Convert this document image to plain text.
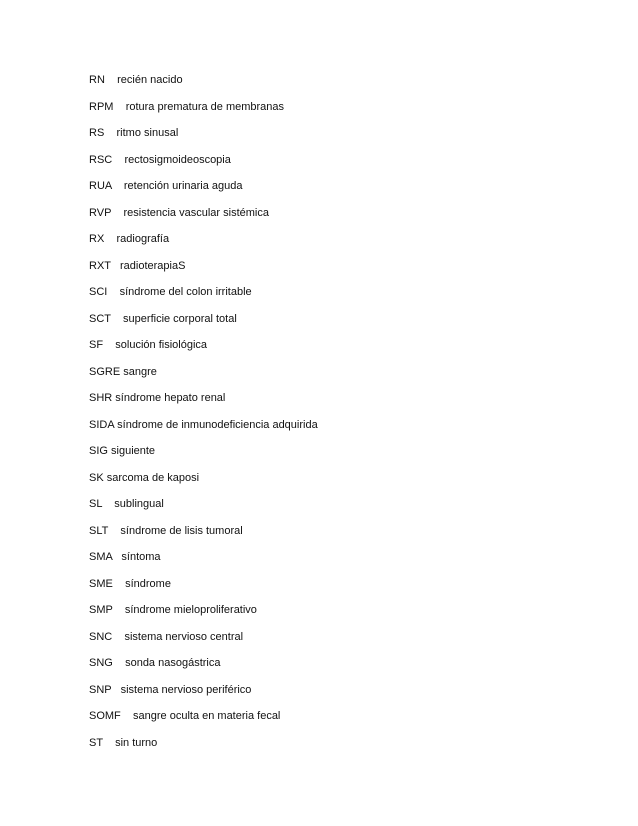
RN recién nacido
RPM rotura prematura de membranas
RS ritmo sinusal
RSC rectosigmoideoscopia
RUA retención urinaria aguda
RVP resistencia vascular sistémica
RX radiografía
RXT radioterapiaS
SCI síndrome del colon irritable
SCT superficie corporal total
SF solución fisiológica
SGRE sangre
SHR síndrome hepato renal
SIDA síndrome de inmunodeficiencia adquirida
SIG siguiente
SK sarcoma de kaposi
SL sublingual
SLT síndrome de lisis tumoral
SMA síntoma
SME síndrome
SMP síndrome mieloproliferativo
SNC sistema nervioso central
SNG sonda nasogástrica
SNP sistema nervioso periférico
SOMF sangre oculta en materia fecal
ST sin turno
